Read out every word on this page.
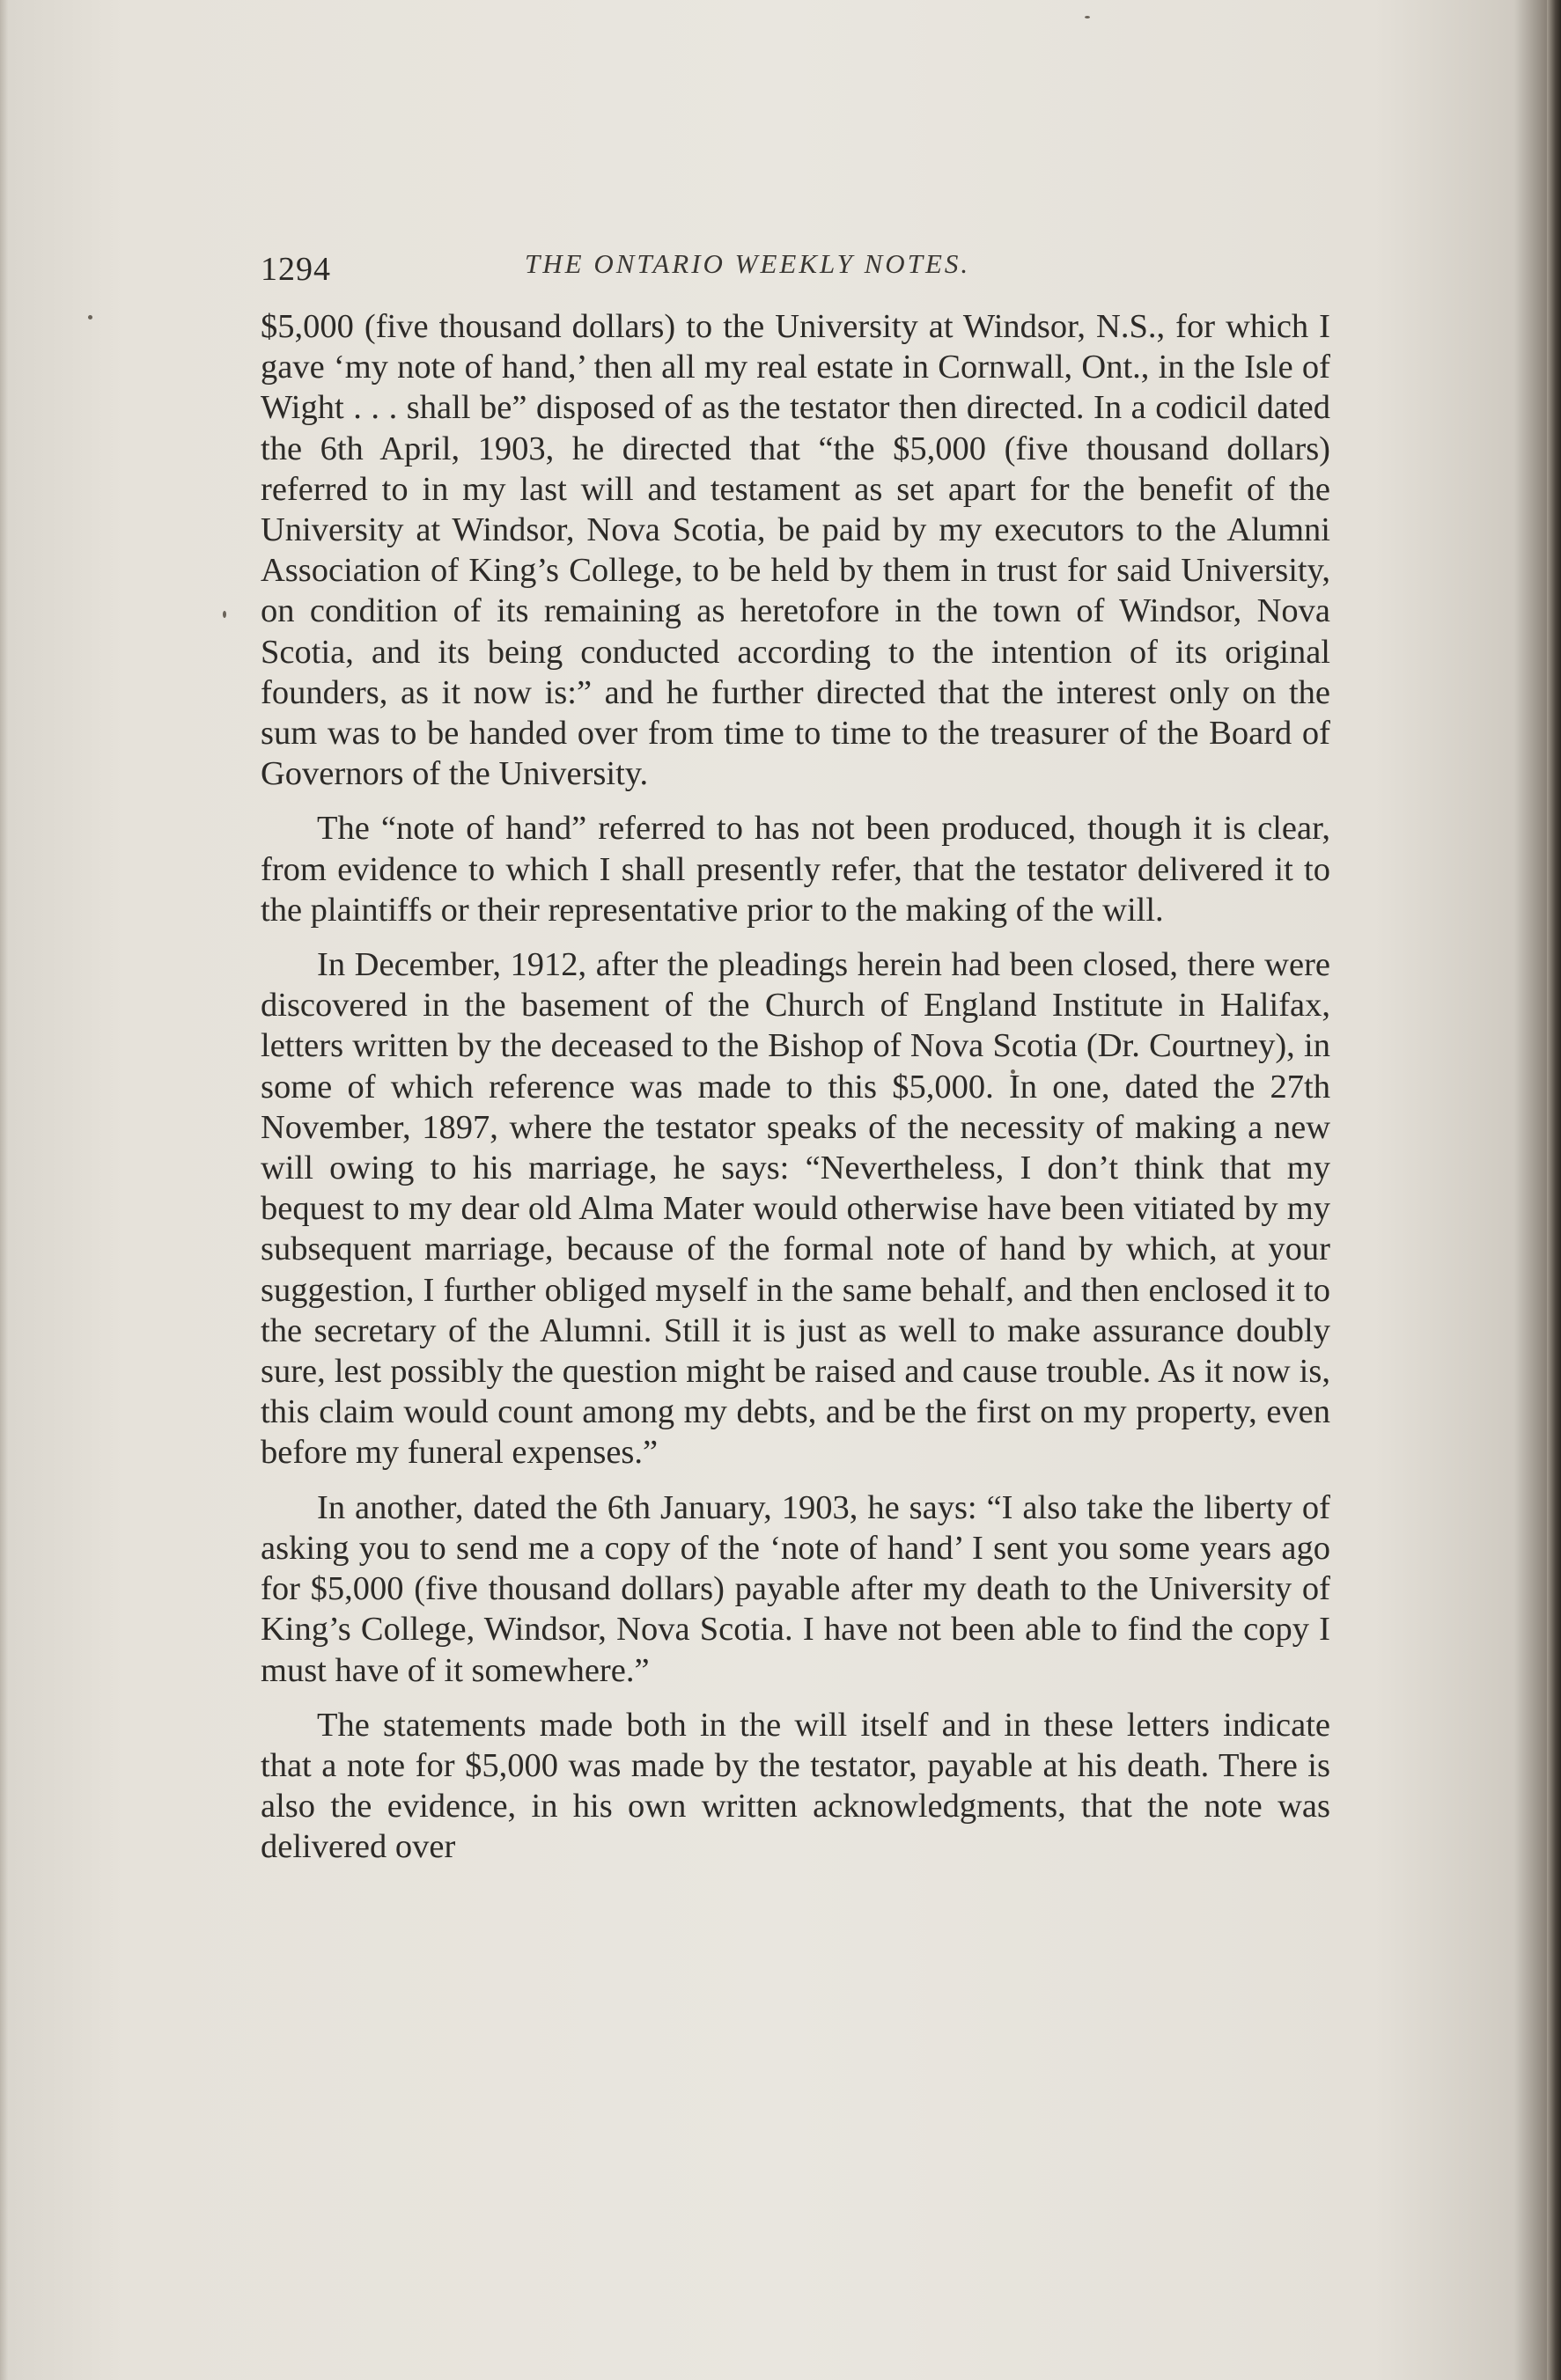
1294	THE ONTARIO WEEKLY NOTES.

$5,000 (five thousand dollars) to the University at Windsor, N.S., for which I gave ‘my note of hand,’ then all my real estate in Cornwall, Ont., in the Isle of Wight . . . shall be” disposed of as the testator then directed. In a codicil dated the 6th April, 1903, he directed that “the $5,000 (five thousand dollars) referred to in my last will and testament as set apart for the benefit of the University at Windsor, Nova Scotia, be paid by my executors to the Alumni Association of King’s College, to be held by them in trust for said University, on condition of its remaining as heretofore in the town of Windsor, Nova Scotia, and its being conducted according to the intention of its original founders, as it now is:” and he further directed that the interest only on the sum was to be handed over from time to time to the treasurer of the Board of Governors of the University.

The “note of hand” referred to has not been produced, though it is clear, from evidence to which I shall presently refer, that the testator delivered it to the plaintiffs or their representative prior to the making of the will.

In December, 1912, after the pleadings herein had been closed, there were discovered in the basement of the Church of England Institute in Halifax, letters written by the deceased to the Bishop of Nova Scotia (Dr. Courtney), in some of which reference was made to this $5,000. In one, dated the 27th November, 1897, where the testator speaks of the necessity of making a new will owing to his marriage, he says: “Nevertheless, I don’t think that my bequest to my dear old Alma Mater would otherwise have been vitiated by my subsequent marriage, because of the formal note of hand by which, at your suggestion, I further obliged myself in the same behalf, and then enclosed it to the secretary of the Alumni. Still it is just as well to make assurance doubly sure, lest possibly the question might be raised and cause trouble. As it now is, this claim would count among my debts, and be the first on my property, even before my funeral expenses.”

In another, dated the 6th January, 1903, he says: “I also take the liberty of asking you to send me a copy of the ‘note of hand’ I sent you some years ago for $5,000 (five thousand dollars) payable after my death to the University of King’s College, Windsor, Nova Scotia. I have not been able to find the copy I must have of it somewhere.”

The statements made both in the will itself and in these letters indicate that a note for $5,000 was made by the testator, payable at his death. There is also the evidence, in his own written acknowledgments, that the note was delivered over
